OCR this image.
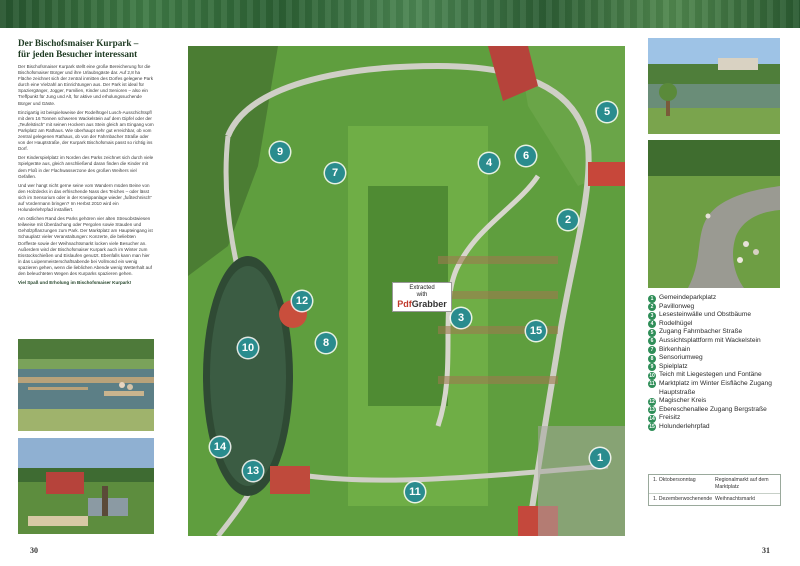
Der Bischofsmaiser Kurpark –
für jeden Besucher interessant

Der Bischofsmaiser Kurpark stellt eine große Bereicherung für die Bischofsmaiser Bürger und ihre Urlaubsgäste dar. Auf 2,8 ha Fläche zeichnet sich der zentral inmitten des Dorfes gelegene Park durch eine Vielzahl an Einrichtungen aus. Der Park ist ideal für Spaziergänger, Jogger, Familien, Kinder und Senioren – also ein Treffpunkt für Jung und Alt, für aktive und erholungssuchende Bürger und Gäste.

Einzigartig ist beispielsweise der Rodelhügel Lusch-Ausschichtspfl mit dem 16 Tonnen schweren Wackelstein auf dem Gipfel oder der „Teufelstisch“ mit seinen Hockern aus Stein gleich am Eingang vom Parkplatz am Rathaus. Wie überhaupt sehr gut erreichbar, ob vom zentral gelegenen Rathaus, ob von der Fahrnbacher Straße oder von der Hauptstraße, der Kurpark Bischofsmais passt so richtig ins Dorf.

Der Kinderspielplatz im Norden des Parks zeichnet sich durch viele Spielgeräte aus, gleich anschließend daran finden die Kinder mit dem Floß in der Flachwasserzone des großen Weihers viel Gefallen.

Und wer hangt nicht gerne seine vom Wandern müden Beine von den Holzdecks in das erfrischende Nass des Teiches – oder lässt sich im Sensorium oder in der Kneippanlage wieder „fußtechnisch“ auf Vordermann bringen? Im Herbst 2010 wird ein Holunderlehrpfad installiert.

Am östlichen Rand des Parks gehören vier alten Streuobstwiesen teilweise mit Überdachung oder Pergolen sowie Stauden und Gehölzpflanzungen zum Park. Der Marktplatz am Haupteingang ist Schauplatz vieler Veranstaltungen: Konzerte, die beliebten Dorffeste sowie der Weihnachtsmarkt locken viele Besucher an. Außerdem wird der Bischofsmaiser Kurpark auch im Winter zum Eisstockschießen und Eislaufen genutzt. Ebenfalls kann man hier in das Luipenmeisterschaftsabende bei Vollmond ein wenig spazieren gehen, wenn die lieblichen Abende wenig Wetterhalt auf den beleuchteten Wegen des Kurparks spazieren gehen.

Viel Spaß und Erholung im Bischofsmaiser Kurpark!

1
2
3
4
5
6
7
8
9
10
11
12
13
14
15
Extracted
with
PdfGrabber
1 Gemeindeparkplatz
2 Pavillonweg
3 Lesesteinwälle und Obstbäume
4 Rodelhügel
5 Zugang Fahrnbacher Straße
6 Aussichtsplattform mit Wackelstein
7 Birkenhain
8 Sensoriumweg
9 Spielplatz
10 Teich mit Liegestegen und Fontäne
11 Marktplatz im Winter Eisfläche Zugang Hauptstraße
12 Magischer Kreis
13 Ebereschenallee Zugang Bergstraße
14 Freisitz
15 Holunderlehrpfad
1. Oktobersonntag	Regionalmarkt auf dem Marktplatz
1. Dezemberwochenende Weihnachtsmarkt
30	31
